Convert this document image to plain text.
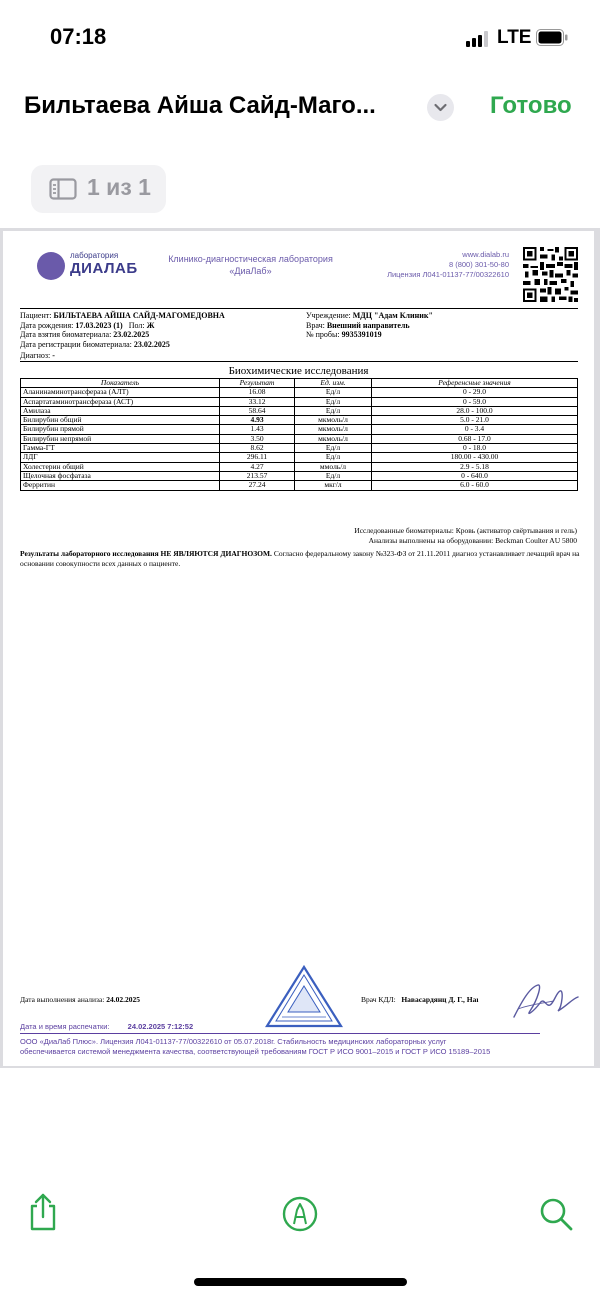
07:18	LTE
Бильтаева Айша Сайд-Маго...	Готово
1 из 1
лаборатория
ДИАЛАБ
Клинико-диагностическая лаборатория
«ДиаЛаб»
www.dialab.ru
8 (800) 301-50-80
Лицензия Л041-01137-77/00322610
Пациент: БИЛЬТАЕВА АЙША САЙД-МАГОМЕДОВНА
Дата рождения: 17.03.2023 (1) Пол: Ж
Дата взятия биоматериала: 23.02.2025
Дата регистрации биоматериала: 23.02.2025
Диагноз: -
Учреждение: МДЦ "Адам Клиник"
Врач: Внешний направитель
№ пробы: 9935391019
Биохимические исследования
Показатель	Результат	Ед. изм.	Референсные значения
Аланинаминотрансфераза (АЛТ)	16.08	Ед/л	0 - 29.0
Аспартатаминотрансфераза (АСТ)	33.12	Ед/л	0 - 59.0
Амилаза	58.64	Ед/л	28.0 - 100.0
Билирубин общий	4.93	мкмоль/л	5.0 - 21.0
Билирубин прямой	1.43	мкмоль/л	0 - 3.4
Билирубин непрямой	3.50	мкмоль/л	0.68 - 17.0
Гамма-ГТ	8.62	Ед/л	0 - 18.0
ЛДГ	296.11	Ед/л	180.00 - 430.00
Холестерин общий	4.27	ммоль/л	2.9 - 5.18
Щелочная фосфатаза	213.57	Ед/л	0 - 640.0
Ферритин	27.24	мкг/л	6.0 - 60.0
Исследованные биоматериалы: Кровь (активатор свёртывания и гель)
Анализы выполнены на оборудовании: Beckman Coulter AU 5800
Результаты лабораторного исследования НЕ ЯВЛЯЮТСЯ ДИАГНОЗОМ. Согласно федеральному закону №323-ФЗ от 21.11.2011 диагноз устанавливает лечащий врач на основании совокупности всех данных о пациенте.
Дата выполнения анализа: 24.02.2025	Врач КДЛ: Навасардянц Д. Г., Наı
Дата и время распечатки: 24.02.2025 7:12:52
ООО «ДиаЛаб Плюс». Лицензия Л041-01137-77/00322610 от 05.07.2018г. Стабильность медицинских лабораторных услуг
обеспечивается системой менеджмента качества, соответствующей требованиям ГОСТ Р ИСО 9001–2015 и ГОСТ Р ИСО 15189–2015
